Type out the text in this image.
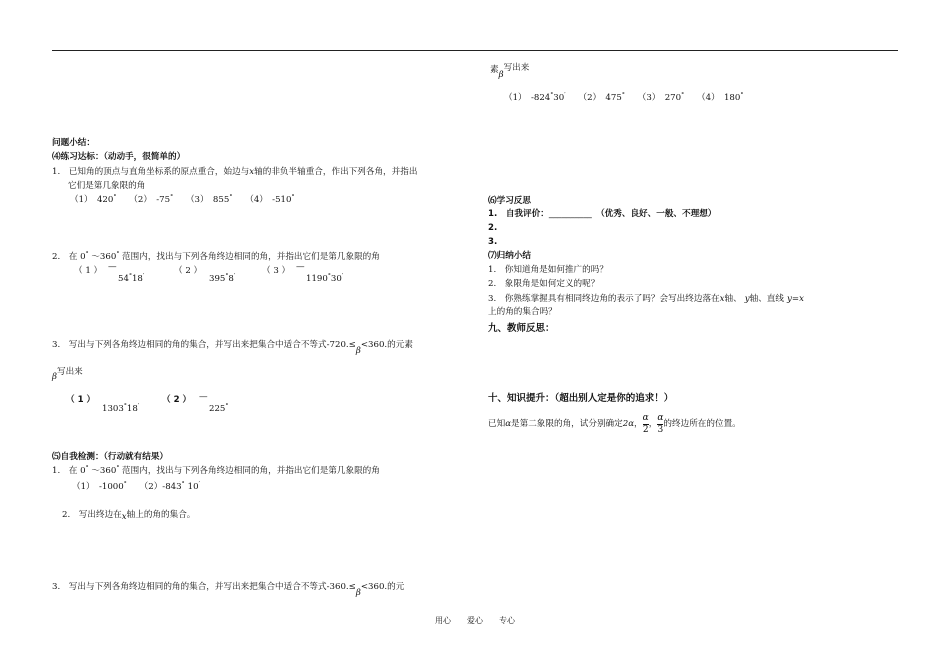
问题小结：
⑷练习达标：（动动手，很简单的）
1.　已知角的顶点与直角坐标系的原点重合，始边与x轴的非负半轴重合，作出下列各角，并指出
它们是第几象限的角
（1）　420°　　 （2）　-75°　　 （3）　855°　　 （4）　-510°
2.　在 0° ～360° 范围内，找出与下列各角终边相同的角，并指出它们是第几象限的角
（ 1 ） —
54°18′
（ 2 ）
395°8′
（ 3 ） —
1190°30′
3.　写出与下列各角终边相同的角的集合，并写出来把集合中适合不等式-720.≤β<360.的元素
β写出来
（ 1 ）
1303°18′
（ 2 ） —
225°
⑸自我检测：（行动就有结果）
1.　在 0° ～360° 范围内，找出与下列各角终边相同的角，并指出它们是第几象限的角
（1）　-1000°　　 （2）-843° 10′
2.　写出终边在x轴上的角的集合。
3.　写出与下列各角终边相同的角的集合，并写出来把集合中适合不等式-360.≤β<360.的元
素β写出来
（1）　-824°30′　　 （2）　475°　　 （3）　270°　　 （4）　180°
⑹学习反思
1.　自我评价：__________　 （优秀、良好、一般、不理想）
2.
3.
⑺归纳小结
1.　你知道角是如何推广的吗？
2.　象限角是如何定义的呢？
3.　你熟练掌握具有相同终边角的表示了吗？会写出终边落在x轴、 y轴、直线 y=x
上的角的集合吗？
九、教师反思：
十、知识提升：（超出别人定是你的追求！）
已知 α 是第二象限的角，试分别确定 2α ， $\frac{\alpha}{2}$ ， $\frac{\alpha}{3}$ 的终边所在的位置。
用心　　爱心　　专心
